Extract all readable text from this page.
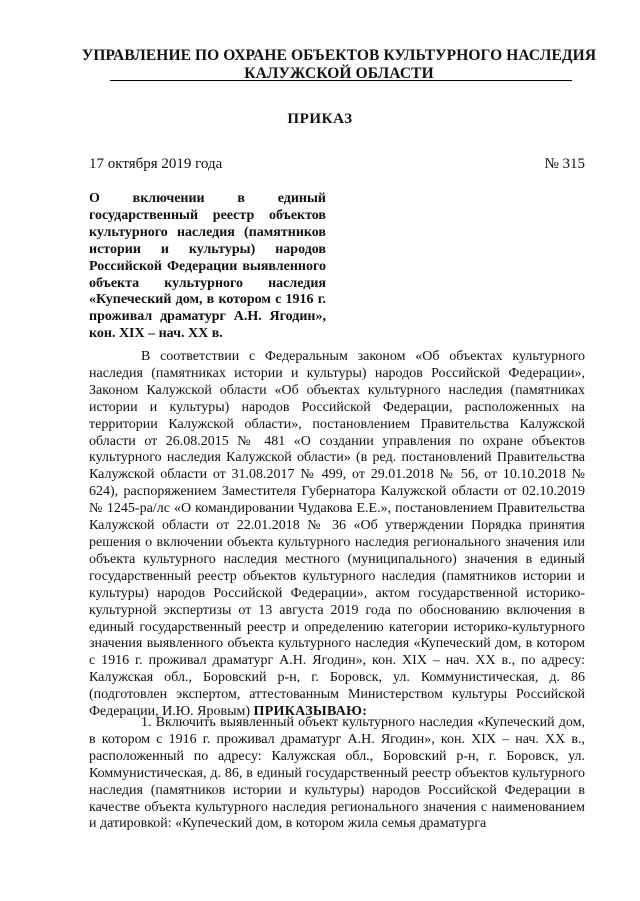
УПРАВЛЕНИЕ ПО ОХРАНЕ ОБЪЕКТОВ КУЛЬТУРНОГО НАСЛЕДИЯ
КАЛУЖСКОЙ ОБЛАСТИ
ПРИКАЗ
17 октября 2019 года	№ 315
О включении в единый
государственный реестр объектов
культурного наследия (памятников
истории и культуры) народов
Российской Федерации выявленного
объекта культурного наследия
«Купеческий дом, в котором с 1916 г.
проживал драматург А.Н. Ягодин»,
кон. XIX – нач. XX в.
В соответствии с Федеральным законом «Об объектах культурного наследия (памятниках истории и культуры) народов Российской Федерации», Законом Калужской области «Об объектах культурного наследия (памятниках истории и культуры) народов Российской Федерации, расположенных на территории Калужской области», постановлением Правительства Калужской области от 26.08.2015 № 481 «О создании управления по охране объектов культурного наследия Калужской области» (в ред. постановлений Правительства Калужской области от 31.08.2017 № 499, от 29.01.2018 № 56, от 10.10.2018 № 624), распоряжением Заместителя Губернатора Калужской области от 02.10.2019 № 1245-ра/лс «О командировании Чудакова Е.Е.», постановлением Правительства Калужской области от 22.01.2018 № 36 «Об утверждении Порядка принятия решения о включении объекта культурного наследия регионального значения или объекта культурного наследия местного (муниципального) значения в единый государственный реестр объектов культурного наследия (памятников истории и культуры) народов Российской Федерации», актом государственной историко-культурной экспертизы от 13 августа 2019 года по обоснованию включения в единый государственный реестр и определению категории историко-культурного значения выявленного объекта культурного наследия «Купеческий дом, в котором с 1916 г. проживал драматург А.Н. Ягодин», кон. XIX – нач. XX в., по адресу: Калужская обл., Боровский р-н, г. Боровск, ул. Коммунистическая, д. 86 (подготовлен экспертом, аттестованным Министерством культуры Российской Федерации, И.Ю. Яровым) ПРИКАЗЫВАЮ:
1. Включить выявленный объект культурного наследия «Купеческий дом, в котором с 1916 г. проживал драматург А.Н. Ягодин», кон. XIX – нач. XX в., расположенный по адресу: Калужская обл., Боровский р-н, г. Боровск, ул. Коммунистическая, д. 86, в единый государственный реестр объектов культурного наследия (памятников истории и культуры) народов Российской Федерации в качестве объекта культурного наследия регионального значения с наименованием и датировкой: «Купеческий дом, в котором жила семья драматурга
